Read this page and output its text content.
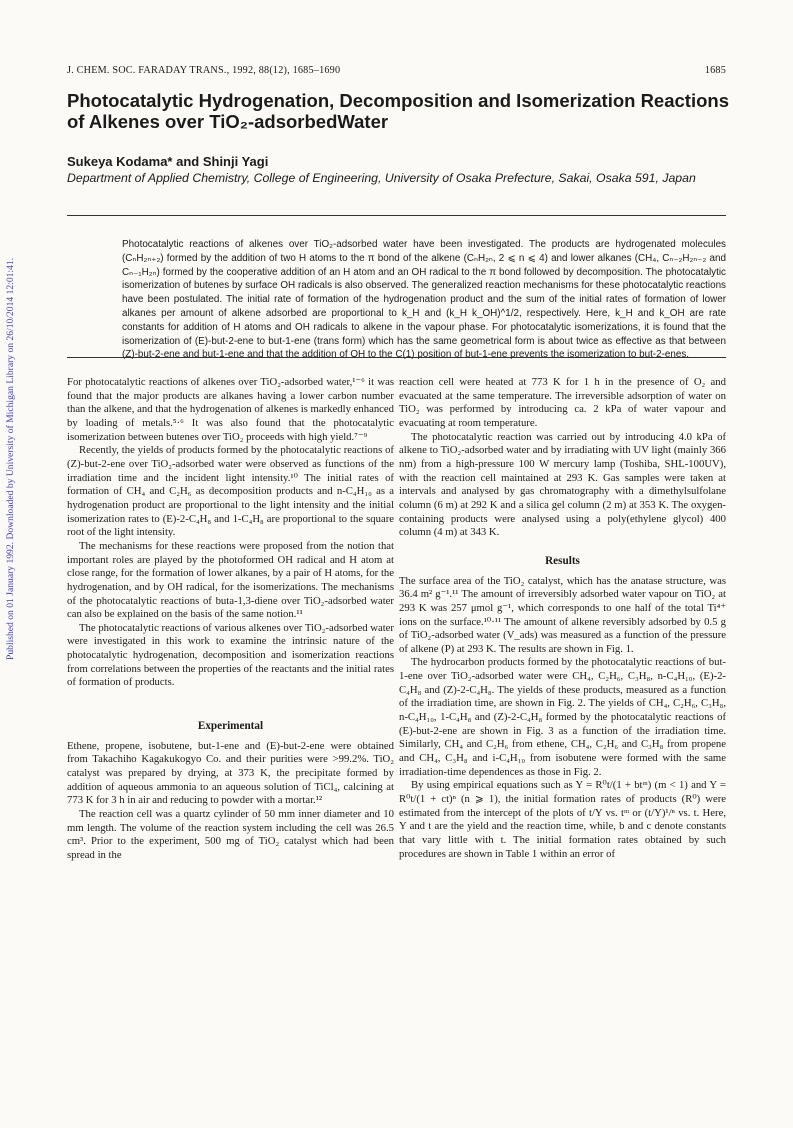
Published on 01 January 1992. Downloaded by University of Michigan Library on 26/10/2014 12:01:41.
J. CHEM. SOC. FARADAY TRANS., 1992, 88(12), 1685–1690	1685
Photocatalytic Hydrogenation, Decomposition and Isomerization Reactions of Alkenes over TiO₂-adsorbedWater
Sukeya Kodama* and Shinji Yagi
Department of Applied Chemistry, College of Engineering, University of Osaka Prefecture, Sakai, Osaka 591, Japan

Photocatalytic reactions of alkenes over TiO₂-adsorbed water have been investigated. The products are hydrogenated molecules (CₙH₂ₙ₊₂) formed by the addition of two H atoms to the π bond of the alkene (CₙH₂ₙ, 2 ⩽ n ⩽ 4) and lower alkanes (CH₄, Cₙ₋₂H₂ₙ₋₂ and Cₙ₋₁H₂ₙ) formed by the cooperative addition of an H atom and an OH radical to the π bond followed by decomposition. The photocatalytic isomerization of butenes by surface OH radicals is also observed. The generalized reaction mechanisms for these photocatalytic reactions have been postulated. The initial rate of formation of the hydrogenation product and the sum of the initial rates of formation of lower alkanes per amount of alkene adsorbed are proportional to k_H and (k_H k_OH)^1/2, respectively. Here, k_H and k_OH are rate constants for addition of H atoms and OH radicals to alkene in the vapour phase. For photocatalytic isomerizations, it is found that the isomerization of (E)-but-2-ene to but-1-ene (trans form) which has the same geometrical form is about twice as effective as that between (Z)-but-2-ene and but-1-ene and that the addition of OH to the C(1) position of but-1-ene prevents the isomerization to but-2-enes.

For photocatalytic reactions of alkenes over TiO₂-adsorbed water,¹⁻⁶ it was found that the major products are alkanes having a lower carbon number than the alkene, and that the hydrogenation of alkenes is markedly enhanced by loading of metals.⁵·⁶ It was also found that the photocatalytic isomerization between butenes over TiO₂ proceeds with high yield.⁷⁻⁹

Recently, the yields of products formed by the photocatalytic reactions of (Z)-but-2-ene over TiO₂-adsorbed water were observed as functions of the irradiation time and the incident light intensity.¹⁰ The initial rates of formation of CH₄ and C₂H₆ as decomposition products and n-C₄H₁₀ as a hydrogenation product are proportional to the light intensity and the initial isomerization rates to (E)-2-C₄H₈ and 1-C₄H₈ are proportional to the square root of the light intensity.

The mechanisms for these reactions were proposed from the notion that important roles are played by the photoformed OH radical and H atom at close range, for the formation of lower alkanes, by a pair of H atoms, for the hydrogenation, and by OH radical, for the isomerizations. The mechanisms of the photocatalytic reactions of buta-1,3-diene over TiO₂-adsorbed water can also be explained on the basis of the same notion.¹¹

The photocatalytic reactions of various alkenes over TiO₂-adsorbed water were investigated in this work to examine the intrinsic nature of the photocatalytic hydrogenation, decomposition and isomerization reactions from correlations between the properties of the reactants and the initial rates of formation of products.

Experimental

Ethene, propene, isobutene, but-1-ene and (E)-but-2-ene were obtained from Takachiho Kagakukogyo Co. and their purities were >99.2%. TiO₂ catalyst was prepared by drying, at 373 K, the precipitate formed by addition of aqueous ammonia to an aqueous solution of TiCl₄, calcining at 773 K for 3 h in air and reducing to powder with a mortar.¹²

The reaction cell was a quartz cylinder of 50 mm inner diameter and 10 mm length. The volume of the reaction system including the cell was 26.5 cm³. Prior to the experiment, 500 mg of TiO₂ catalyst which had been spread in the

reaction cell were heated at 773 K for 1 h in the presence of O₂ and evacuated at the same temperature. The irreversible adsorption of water on TiO₂ was performed by introducing ca. 2 kPa of water vapour and evacuating at room temperature.

The photocatalytic reaction was carried out by introducing 4.0 kPa of alkene to TiO₂-adsorbed water and by irradiating with UV light (mainly 366 nm) from a high-pressure 100 W mercury lamp (Toshiba, SHL-100UV), with the reaction cell maintained at 293 K. Gas samples were taken at intervals and analysed by gas chromatography with a dimethylsulfolane column (6 m) at 292 K and a silica gel column (2 m) at 353 K. The oxygen-containing products were analysed using a poly(ethylene glycol) 400 column (4 m) at 343 K.

Results

The surface area of the TiO₂ catalyst, which has the anatase structure, was 36.4 m² g⁻¹.¹¹ The amount of irreversibly adsorbed water vapour on TiO₂ at 293 K was 257 μmol g⁻¹, which corresponds to one half of the total Ti⁴⁺ ions on the surface.¹⁰·¹¹ The amount of alkene reversibly adsorbed by 0.5 g of TiO₂-adsorbed water (V_ads) was measured as a function of the pressure of alkene (P) at 293 K. The results are shown in Fig. 1.

The hydrocarbon products formed by the photocatalytic reactions of but-1-ene over TiO₂-adsorbed water were CH₄, C₂H₆, C₃H₈, n-C₄H₁₀, (E)-2-C₄H₈ and (Z)-2-C₄H₈. The yields of these products, measured as a function of the irradiation time, are shown in Fig. 2. The yields of CH₄, C₂H₆, C₃H₈, n-C₄H₁₀, 1-C₄H₈ and (Z)-2-C₄H₈ formed by the photocatalytic reactions of (E)-but-2-ene are shown in Fig. 3 as a function of the irradiation time. Similarly, CH₄ and C₂H₆ from ethene, CH₄, C₂H₆ and C₃H₈ from propene and CH₄, C₃H₈ and i-C₄H₁₀ from isobutene were formed with the same irradiation-time dependences as those in Fig. 2.

By using empirical equations such as Y = R⁰t/(1 + btᵐ) (m < 1) and Y = R⁰t/(1 + ct)ⁿ (n ⩾ 1), the initial formation rates of products (R⁰) were estimated from the intercept of the plots of t/Y vs. tᵐ or (t/Y)¹/ⁿ vs. t. Here, Y and t are the yield and the reaction time, while, b and c denote constants that vary little with t. The initial formation rates obtained by such procedures are shown in Table 1 within an error of
